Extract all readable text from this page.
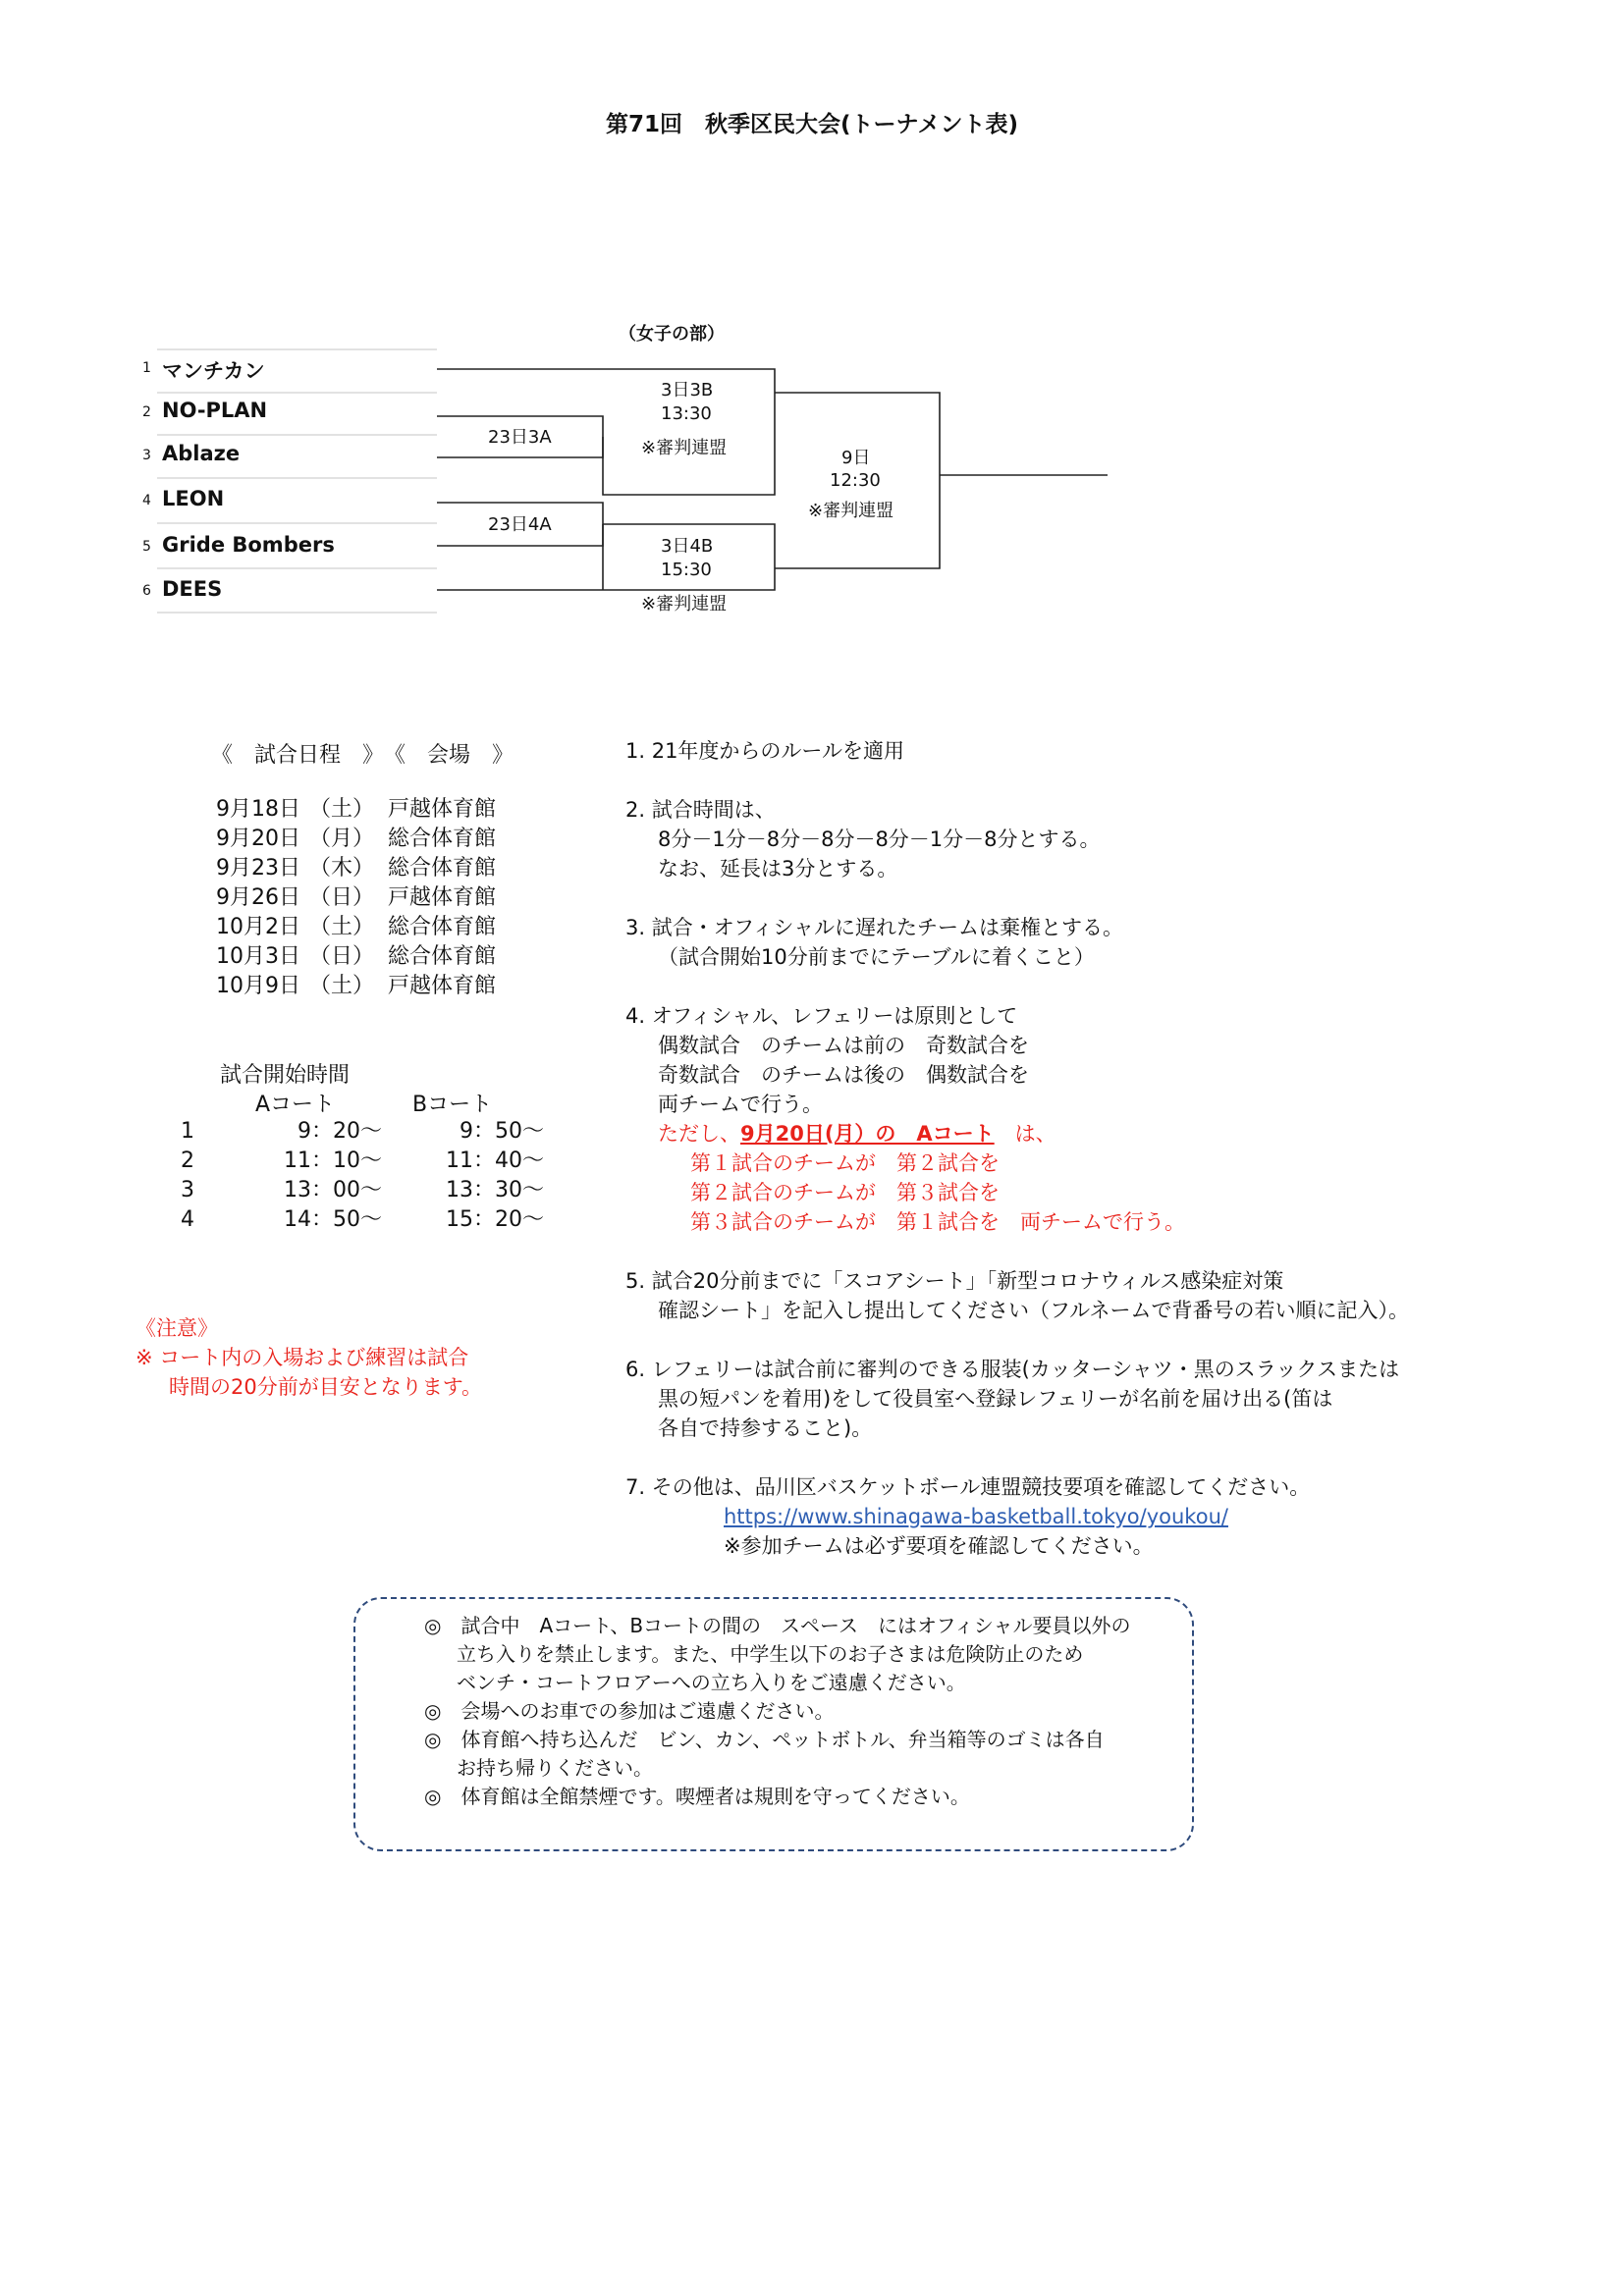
第71回　秋季区民大会(トーナメント表)
（女子の部）
1 マンチカン
2 NO-PLAN
3 Ablaze
4 LEON
5 Gride Bombers
6 DEES
23日3A
23日4A
3日3B
13:30
※審判連盟
3日4B
15:30
※審判連盟
9日
12:30
※審判連盟
《　試合日程　》　《　会場　》
9月18日 （土） 戸越体育館
9月20日 （月） 総合体育館
9月23日 （木） 総合体育館
9月26日 （日） 戸越体育館
10月2日 （土） 総合体育館
10月3日 （日） 総合体育館
10月9日 （土） 戸越体育館
試合開始時間
Aコート	Bコート
1	9：20～	9：50～
2	11：10～	11：40～
3	13：00～	13：30～
4	14：50～	15：20～
《注意》
※ コート内の入場および練習は試合
時間の20分前が目安となります。
1. 21年度からのルールを適用
2. 試合時間は、
8分－1分－8分－8分－8分－1分－8分とする。
なお、延長は3分とする。
3. 試合・オフィシャルに遅れたチームは棄権とする。
（試合開始10分前までにテーブルに着くこと）
4. オフィシャル、レフェリーは原則として
偶数試合　のチームは前の　奇数試合を
奇数試合　のチームは後の　偶数試合を
両チームで行う。
ただし、9月20日(月）の　Aコート　は、
第１試合のチームが　第２試合を
第２試合のチームが　第３試合を
第３試合のチームが　第１試合を　両チームで行う。
5. 試合20分前までに「スコアシート」「新型コロナウィルス感染症対策
確認シート」を記入し提出してください（フルネームで背番号の若い順に記入）。
6. レフェリーは試合前に審判のできる服装(カッターシャツ・黒のスラックスまたは
黒の短パンを着用)をして役員室へ登録レフェリーが名前を届け出る(笛は
各自で持参すること)。
7. その他は、品川区バスケットボール連盟競技要項を確認してください。
https://www.shinagawa-basketball.tokyo/youkou/
※参加チームは必ず要項を確認してください。
◎　試合中　Aコート、Bコートの間の　スペース　にはオフィシャル要員以外の
立ち入りを禁止します。また、中学生以下のお子さまは危険防止のため
ベンチ・コートフロアーへの立ち入りをご遠慮ください。
◎　会場へのお車での参加はご遠慮ください。
◎　体育館へ持ち込んだ　ビン、カン、ペットボトル、弁当箱等のゴミは各自
お持ち帰りください。
◎　体育館は全館禁煙です。喫煙者は規則を守ってください。
